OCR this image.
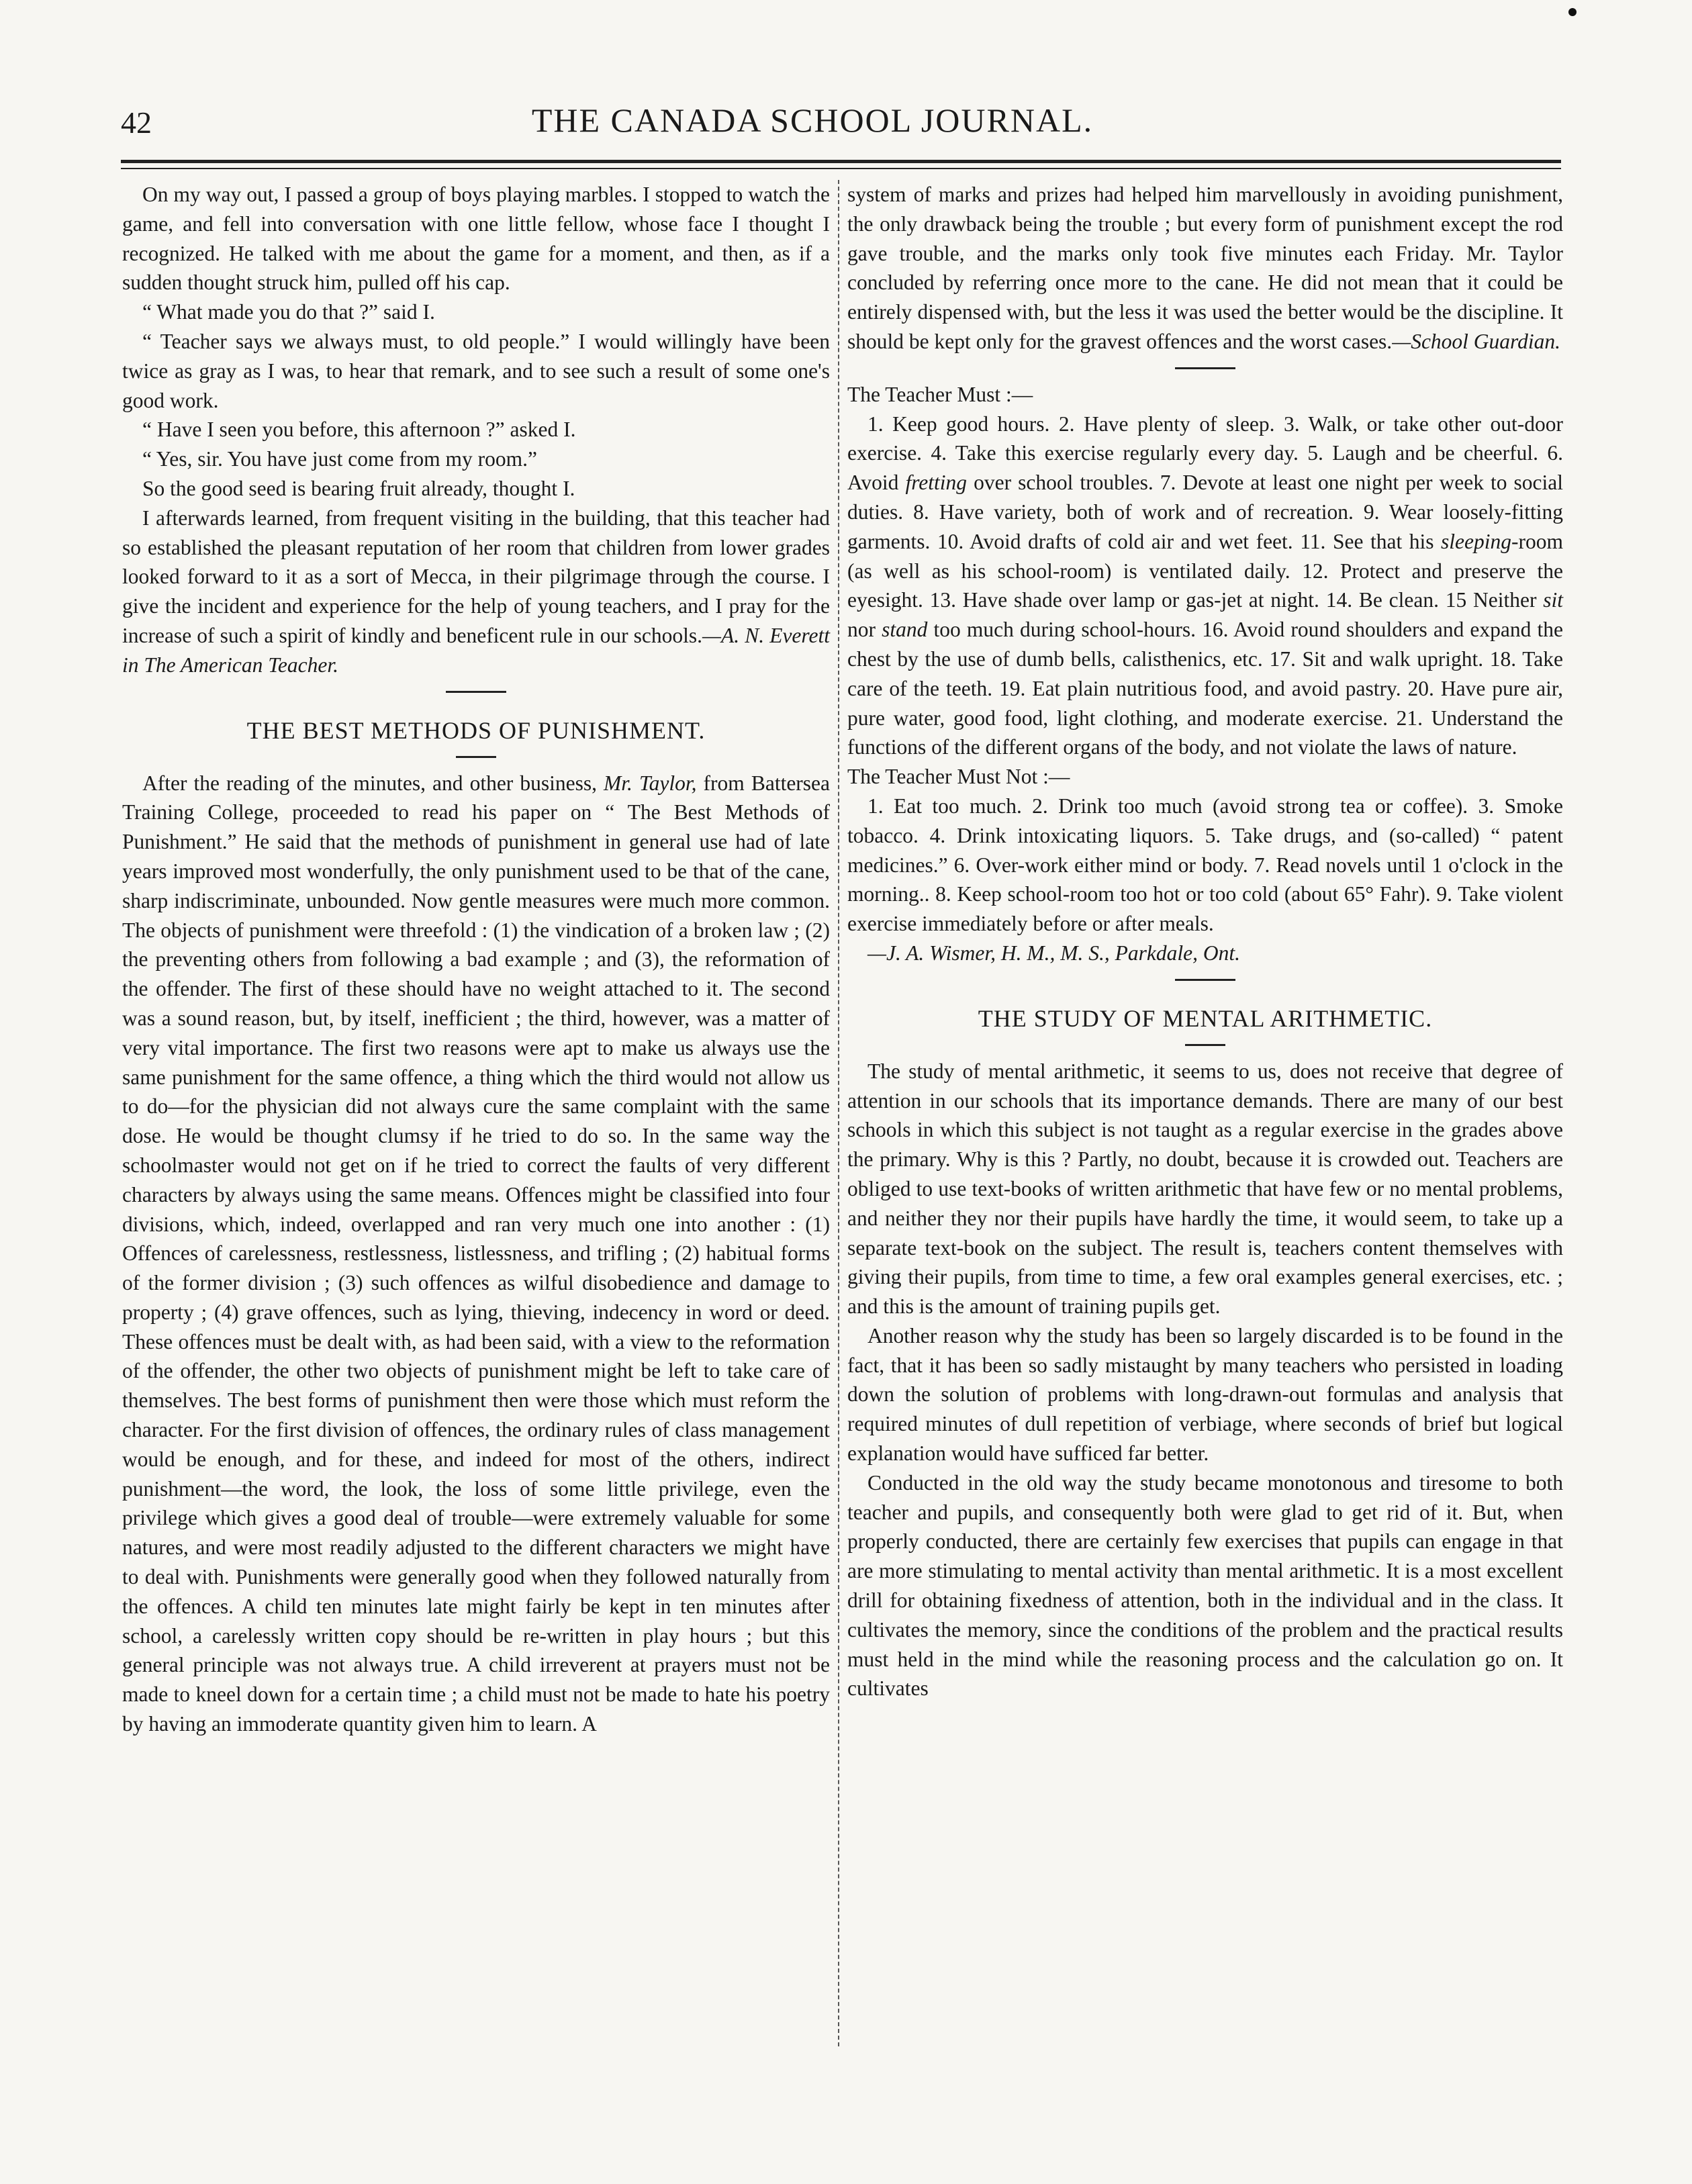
42	THE CANADA SCHOOL JOURNAL.

On my way out, I passed a group of boys playing marbles. I stopped to watch the game, and fell into conversation with one little fellow, whose face I thought I recognized. He talked with me about the game for a moment, and then, as if a sudden thought struck him, pulled off his cap.

“ What made you do that ?” said I.

“ Teacher says we always must, to old people.” I would willingly have been twice as gray as I was, to hear that remark, and to see such a result of some one's good work.

“ Have I seen you before, this afternoon ?” asked I.

“ Yes, sir. You have just come from my room.”

So the good seed is bearing fruit already, thought I.

I afterwards learned, from frequent visiting in the building, that this teacher had so established the pleasant reputation of her room that children from lower grades looked forward to it as a sort of Mecca, in their pilgrimage through the course. I give the incident and experience for the help of young teachers, and I pray for the increase of such a spirit of kindly and beneficent rule in our schools.—A. N. Everett in The American Teacher.

THE BEST METHODS OF PUNISHMENT.

After the reading of the minutes, and other business, Mr. Taylor, from Battersea Training College, proceeded to read his paper on “ The Best Methods of Punishment.” He said that the methods of punishment in general use had of late years improved most wonderfully, the only punishment used to be that of the cane, sharp indiscriminate, unbounded. Now gentle measures were much more common. The objects of punishment were threefold : (1) the vindication of a broken law ; (2) the preventing others from following a bad example ; and (3), the reformation of the offender. The first of these should have no weight attached to it. The second was a sound reason, but, by itself, inefficient ; the third, however, was a matter of very vital importance. The first two reasons were apt to make us always use the same punishment for the same offence, a thing which the third would not allow us to do—for the physician did not always cure the same complaint with the same dose. He would be thought clumsy if he tried to do so. In the same way the schoolmaster would not get on if he tried to correct the faults of very different characters by always using the same means. Offences might be classified into four divisions, which, indeed, overlapped and ran very much one into another : (1) Offences of carelessness, restlessness, listlessness, and trifling ; (2) habitual forms of the former division ; (3) such offences as wilful disobedience and damage to property ; (4) grave offences, such as lying, thieving, indecency in word or deed. These offences must be dealt with, as had been said, with a view to the reformation of the offender, the other two objects of punishment might be left to take care of themselves. The best forms of punishment then were those which must reform the character. For the first division of offences, the ordinary rules of class management would be enough, and for these, and indeed for most of the others, indirect punishment—the word, the look, the loss of some little privilege, even the privilege which gives a good deal of trouble—were extremely valuable for some natures, and were most readily adjusted to the different characters we might have to deal with. Punishments were generally good when they followed naturally from the offences. A child ten minutes late might fairly be kept in ten minutes after school, a carelessly written copy should be re-written in play hours ; but this general principle was not always true. A child irreverent at prayers must not be made to kneel down for a certain time ; a child must not be made to hate his poetry by having an immoderate quantity given him to learn. A

system of marks and prizes had helped him marvellously in avoiding punishment, the only drawback being the trouble ; but every form of punishment except the rod gave trouble, and the marks only took five minutes each Friday. Mr. Taylor concluded by referring once more to the cane. He did not mean that it could be entirely dispensed with, but the less it was used the better would be the discipline. It should be kept only for the gravest offences and the worst cases.—School Guardian.

The Teacher Must :—

1. Keep good hours. 2. Have plenty of sleep. 3. Walk, or take other out-door exercise. 4. Take this exercise regularly every day. 5. Laugh and be cheerful. 6. Avoid fretting over school troubles. 7. Devote at least one night per week to social duties. 8. Have variety, both of work and of recreation. 9. Wear loosely-fitting garments. 10. Avoid drafts of cold air and wet feet. 11. See that his sleeping-room (as well as his school-room) is ventilated daily. 12. Protect and preserve the eyesight. 13. Have shade over lamp or gas-jet at night. 14. Be clean. 15 Neither sit nor stand too much during school-hours. 16. Avoid round shoulders and expand the chest by the use of dumb bells, calisthenics, etc. 17. Sit and walk upright. 18. Take care of the teeth. 19. Eat plain nutritious food, and avoid pastry. 20. Have pure air, pure water, good food, light clothing, and moderate exercise. 21. Understand the functions of the different organs of the body, and not violate the laws of nature.

The Teacher Must Not :—

1. Eat too much. 2. Drink too much (avoid strong tea or coffee). 3. Smoke tobacco. 4. Drink intoxicating liquors. 5. Take drugs, and (so-called) “ patent medicines.” 6. Over-work either mind or body. 7. Read novels until 1 o'clock in the morning.. 8. Keep school-room too hot or too cold (about 65° Fahr). 9. Take violent exercise immediately before or after meals.

—J. A. Wismer, H. M., M. S., Parkdale, Ont.

THE STUDY OF MENTAL ARITHMETIC.

The study of mental arithmetic, it seems to us, does not receive that degree of attention in our schools that its importance demands. There are many of our best schools in which this subject is not taught as a regular exercise in the grades above the primary. Why is this ? Partly, no doubt, because it is crowded out. Teachers are obliged to use text-books of written arithmetic that have few or no mental problems, and neither they nor their pupils have hardly the time, it would seem, to take up a separate text-book on the subject. The result is, teachers content themselves with giving their pupils, from time to time, a few oral examples general exercises, etc. ; and this is the amount of training pupils get.

Another reason why the study has been so largely discarded is to be found in the fact, that it has been so sadly mistaught by many teachers who persisted in loading down the solution of problems with long-drawn-out formulas and analysis that required minutes of dull repetition of verbiage, where seconds of brief but logical explanation would have sufficed far better.

Conducted in the old way the study became monotonous and tiresome to both teacher and pupils, and consequently both were glad to get rid of it. But, when properly conducted, there are certainly few exercises that pupils can engage in that are more stimulating to mental activity than mental arithmetic. It is a most excellent drill for obtaining fixedness of attention, both in the individual and in the class. It cultivates the memory, since the conditions of the problem and the practical results must held in the mind while the reasoning process and the calculation go on. It cultivates
